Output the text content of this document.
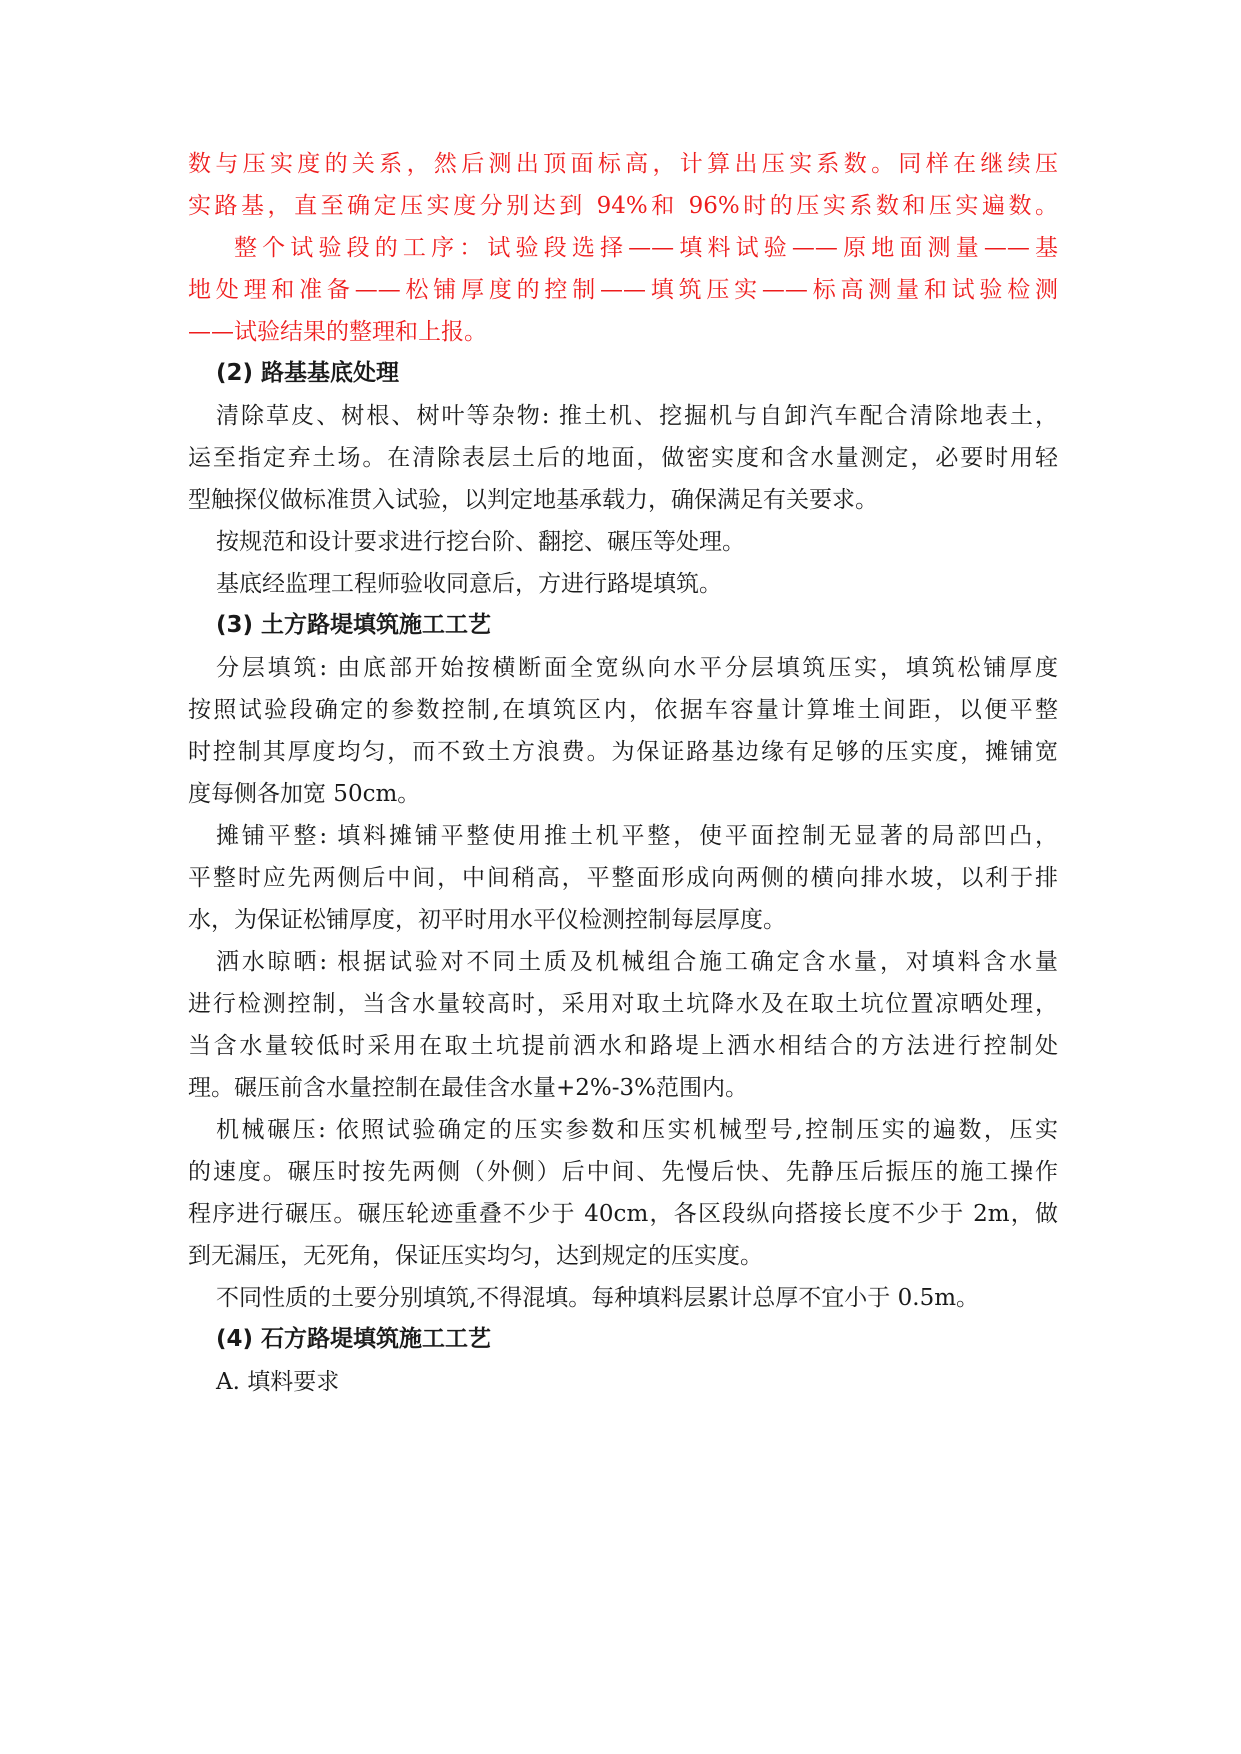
数与压实度的关系，然后测出顶面标高，计算出压实系数。同样在继续压
实路基，直至确定压实度分别达到 94%和 96%时的压实系数和压实遍数。
整个试验段的工序：试验段选择——填料试验——原地面测量——基
地处理和准备——松铺厚度的控制——填筑压实——标高测量和试验检测
——试验结果的整理和上报。
(2) 路基基底处理
清除草皮、树根、树叶等杂物: 推土机、挖掘机与自卸汽车配合清除地表土，
运至指定弃土场。在清除表层土后的地面，做密实度和含水量测定，必要时用轻
型触探仪做标准贯入试验，以判定地基承载力，确保满足有关要求。
按规范和设计要求进行挖台阶、翻挖、碾压等处理。
基底经监理工程师验收同意后，方进行路堤填筑。
(3) 土方路堤填筑施工工艺
分层填筑: 由底部开始按横断面全宽纵向水平分层填筑压实，填筑松铺厚度
按照试验段确定的参数控制,在填筑区内，依据车容量计算堆土间距，以便平整
时控制其厚度均匀，而不致土方浪费。为保证路基边缘有足够的压实度，摊铺宽
度每侧各加宽 50cm。
摊铺平整: 填料摊铺平整使用推土机平整，使平面控制无显著的局部凹凸，
平整时应先两侧后中间，中间稍高，平整面形成向两侧的横向排水坡，以利于排
水，为保证松铺厚度，初平时用水平仪检测控制每层厚度。
洒水晾晒: 根据试验对不同土质及机械组合施工确定含水量，对填料含水量
进行检测控制，当含水量较高时，采用对取土坑降水及在取土坑位置凉晒处理，
当含水量较低时采用在取土坑提前洒水和路堤上洒水相结合的方法进行控制处
理。碾压前含水量控制在最佳含水量+2%-3%范围内。
机械碾压: 依照试验确定的压实参数和压实机械型号,控制压实的遍数，压实
的速度。碾压时按先两侧（外侧）后中间、先慢后快、先静压后振压的施工操作
程序进行碾压。碾压轮迹重叠不少于 40cm，各区段纵向搭接长度不少于 2m，做
到无漏压，无死角，保证压实均匀，达到规定的压实度。
不同性质的土要分别填筑,不得混填。每种填料层累计总厚不宜小于 0.5m。
(4) 石方路堤填筑施工工艺
A. 填料要求
